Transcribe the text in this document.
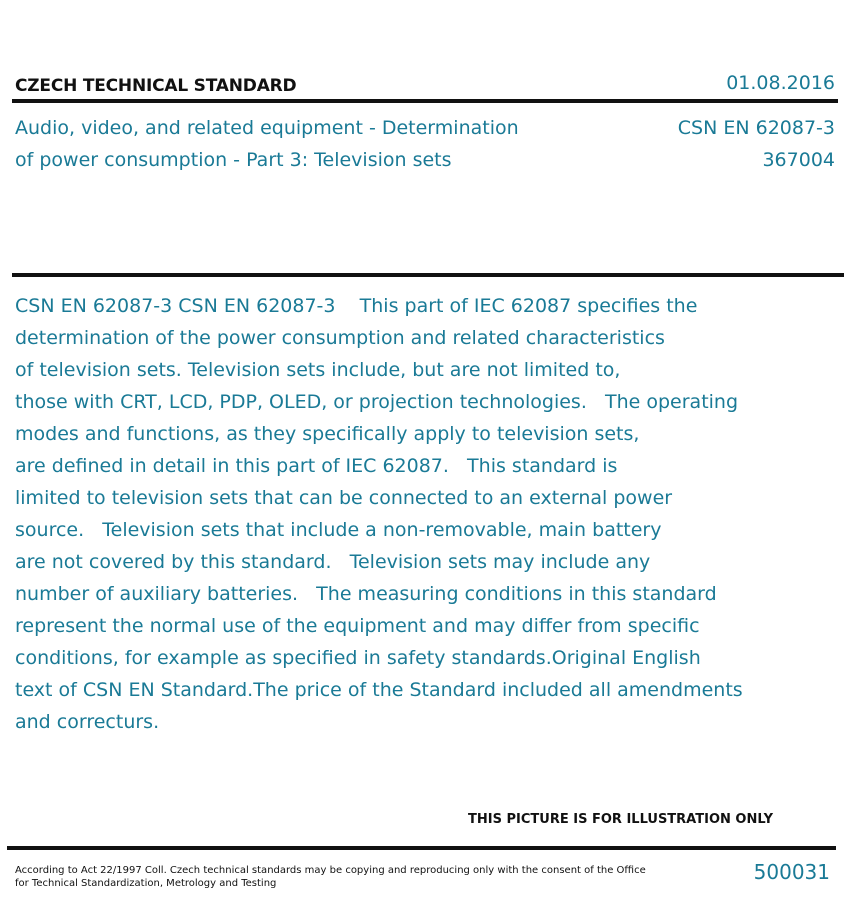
CZECH TECHNICAL STANDARD	01.08.2016
Audio, video, and related equipment - Determination
of power consumption - Part 3: Television sets
CSN EN 62087-3
367004
CSN EN 62087-3 CSN EN 62087-3    This part of IEC 62087 specifies the
determination of the power consumption and related characteristics
of television sets. Television sets include, but are not limited to,
those with CRT, LCD, PDP, OLED, or projection technologies.   The operating
modes and functions, as they specifically apply to television sets,
are defined in detail in this part of IEC 62087.   This standard is
limited to television sets that can be connected to an external power
source.   Television sets that include a non-removable, main battery
are not covered by this standard.   Television sets may include any
number of auxiliary batteries.   The measuring conditions in this standard
represent the normal use of the equipment and may differ from specific
conditions, for example as specified in safety standards.Original English
text of CSN EN Standard.The price of the Standard included all amendments
and correcturs.
THIS PICTURE IS FOR ILLUSTRATION ONLY
According to Act 22/1997 Coll. Czech technical standards may be copying and reproducing only with the consent of the Office
for Technical Standardization, Metrology and Testing	500031
